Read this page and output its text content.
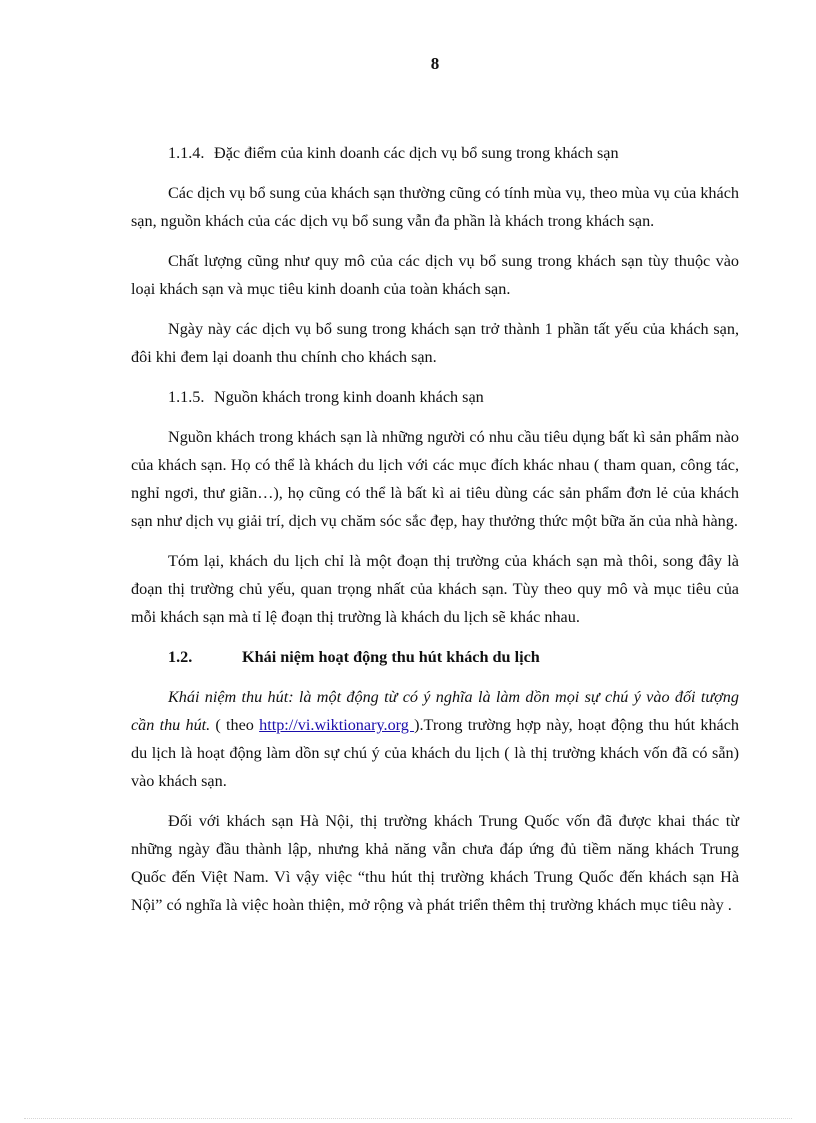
8

1.1.4. Đặc điểm của kinh doanh các dịch vụ bổ sung trong khách sạn

Các dịch vụ bổ sung của khách sạn thường cũng có tính mùa vụ, theo mùa vụ của khách sạn, nguồn khách của các dịch vụ bổ sung vẫn đa phần là khách trong khách sạn.

Chất lượng cũng như quy mô của các dịch vụ bổ sung trong khách sạn tùy thuộc vào loại khách sạn và mục tiêu kinh doanh của toàn khách sạn.

Ngày này các dịch vụ bổ sung trong khách sạn trở thành 1 phần tất yếu của khách sạn, đôi khi đem lại doanh thu chính cho khách sạn.

1.1.5. Nguồn khách trong kinh doanh khách sạn

Nguồn khách trong khách sạn là những người có nhu cầu tiêu dụng bất kì sản phẩm nào của khách sạn. Họ có thể là khách du lịch với các mục đích khác nhau ( tham quan, công tác, nghỉ ngơi, thư giãn…), họ cũng có thể là bất kì ai tiêu dùng các sản phẩm đơn lẻ của khách sạn như dịch vụ giải trí, dịch vụ chăm sóc sắc đẹp, hay thưởng thức một bữa ăn của nhà hàng.

Tóm lại, khách du lịch chỉ là một đoạn thị trường của khách sạn mà thôi, song đây là đoạn thị trường chủ yếu, quan trọng nhất của khách sạn. Tùy theo quy mô và mục tiêu của mỗi khách sạn mà tỉ lệ đoạn thị trường là khách du lịch sẽ khác nhau.

1.2.	Khái niệm hoạt động thu hút khách du lịch

Khái niệm thu hút: là một động từ có ý nghĩa là làm dồn mọi sự chú ý vào đối tượng cần thu hút. ( theo http://vi.wiktionary.org ).Trong trường hợp này, hoạt động thu hút khách du lịch là hoạt động làm dồn sự chú ý của khách du lịch ( là thị trường khách vốn đã có sẵn) vào khách sạn.

Đối với khách sạn Hà Nội, thị trường khách Trung Quốc vốn đã được khai thác từ những ngày đầu thành lập, nhưng khả năng vẫn chưa đáp ứng đủ tiềm năng khách Trung Quốc đến Việt Nam. Vì vậy việc “thu hút thị trường khách Trung Quốc đến khách sạn Hà Nội” có nghĩa là việc hoàn thiện, mở rộng và phát triển thêm thị trường khách mục tiêu này .
